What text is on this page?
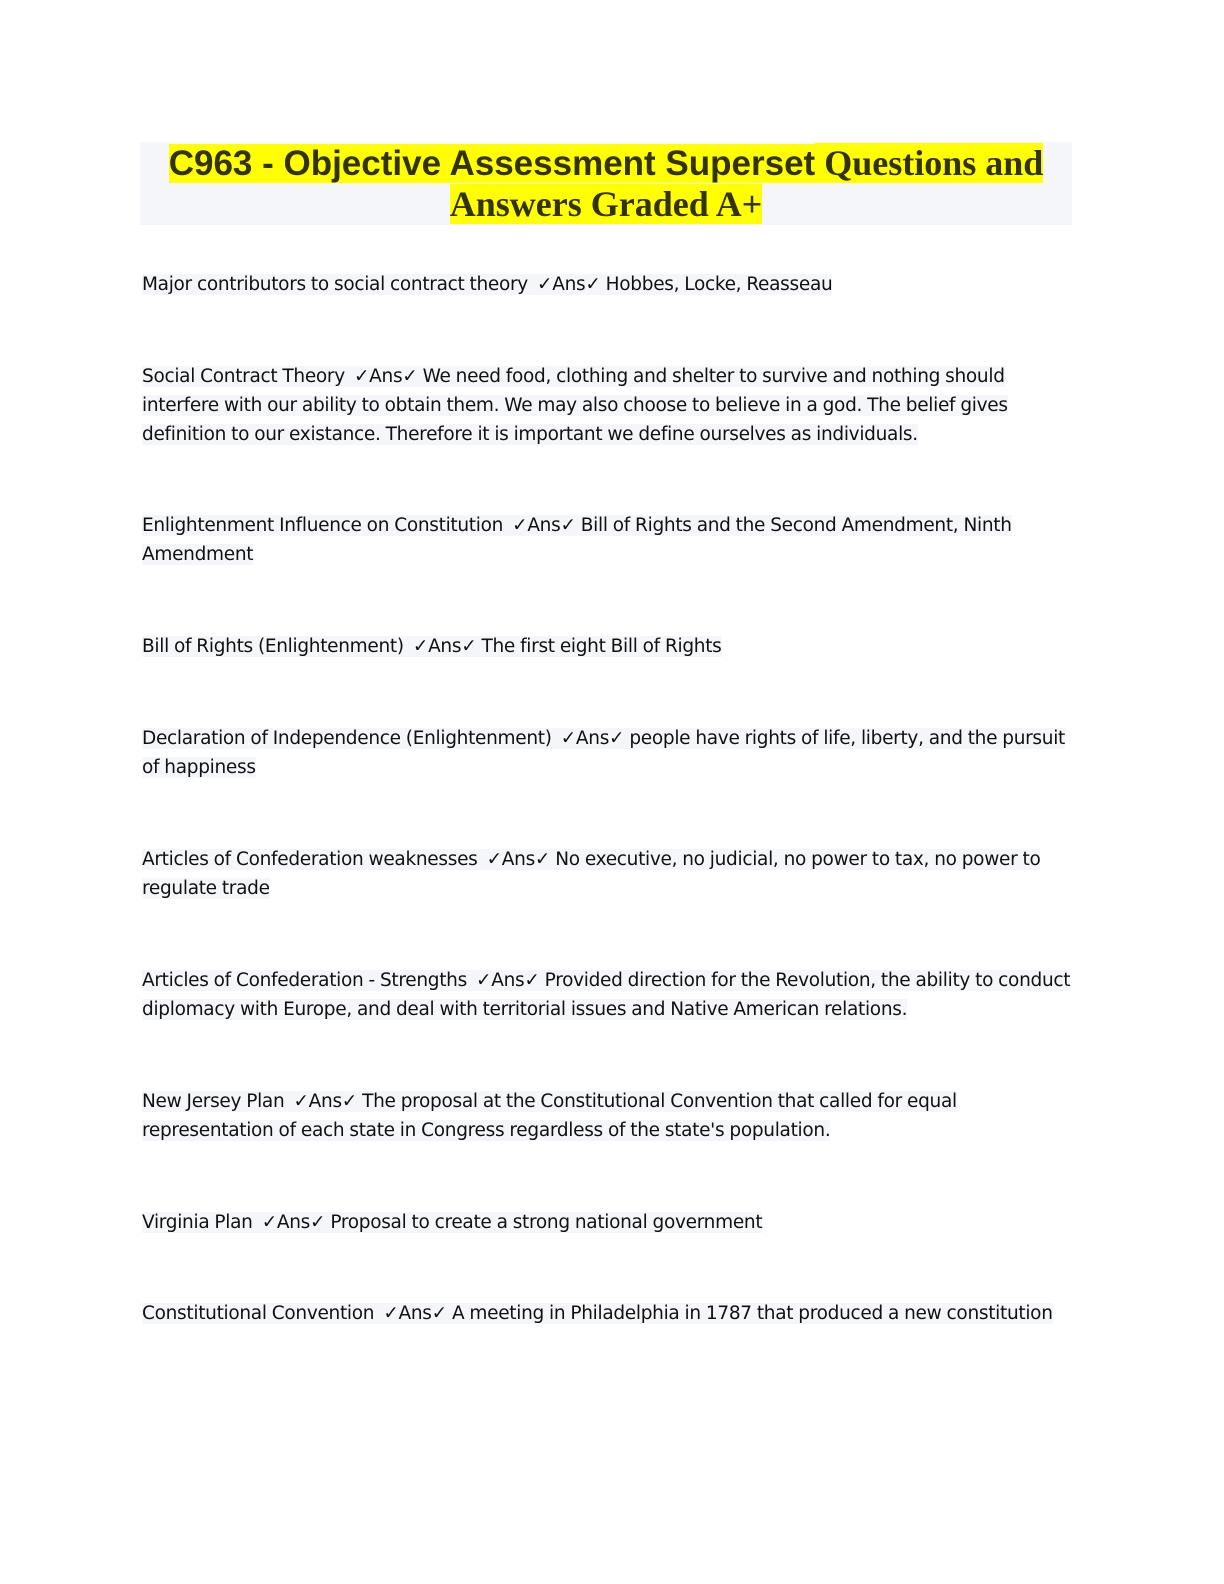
C963 - Objective Assessment Superset Questions and
Answers Graded A+
Major contributors to social contract theory ✓Ans✓ Hobbes, Locke, Reasseau
Social Contract Theory ✓Ans✓ We need food, clothing and shelter to survive and nothing should interfere with our ability to obtain them. We may also choose to believe in a god. The belief gives definition to our existance. Therefore it is important we define ourselves as individuals.
Enlightenment Influence on Constitution ✓Ans✓ Bill of Rights and the Second Amendment, Ninth Amendment
Bill of Rights (Enlightenment) ✓Ans✓ The first eight Bill of Rights
Declaration of Independence (Enlightenment) ✓Ans✓ people have rights of life, liberty, and the pursuit of happiness
Articles of Confederation weaknesses ✓Ans✓ No executive, no judicial, no power to tax, no power to regulate trade
Articles of Confederation - Strengths ✓Ans✓ Provided direction for the Revolution, the ability to conduct diplomacy with Europe, and deal with territorial issues and Native American relations.
New Jersey Plan ✓Ans✓ The proposal at the Constitutional Convention that called for equal representation of each state in Congress regardless of the state's population.
Virginia Plan ✓Ans✓ Proposal to create a strong national government
Constitutional Convention ✓Ans✓ A meeting in Philadelphia in 1787 that produced a new constitution
